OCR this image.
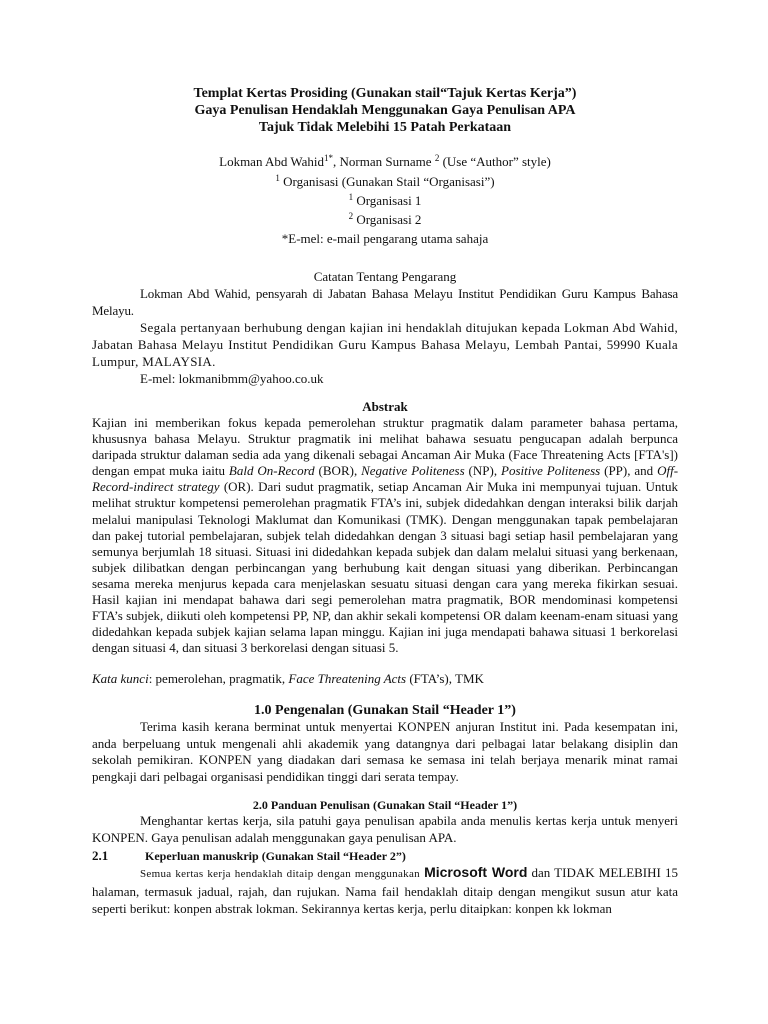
Templat Kertas Prosiding (Gunakan stail“Tajuk Kertas Kerja”)

Gaya Penulisan Hendaklah Menggunakan Gaya Penulisan APA

Tajuk Tidak Melebihi 15 Patah Perkataan

Lokman Abd Wahid$^{1*}$, Norman Surname $^2$ (Use “Author” style)

$^1$ Organisasi (Gunakan Stail “Organisasi”)

$^1$ Organisasi 1

$^2$ Organisasi 2

*E-mel: e-mail pengarang utama sahaja

Catatan Tentang Pengarang

Lokman Abd Wahid, pensyarah di Jabatan Bahasa Melayu Institut Pendidikan Guru Kampus Bahasa Melayu.

Segala pertanyaan berhubung dengan kajian ini hendaklah ditujukan kepada Lokman Abd Wahid, Jabatan Bahasa Melayu Institut Pendidikan Guru Kampus Bahasa Melayu, Lembah Pantai, 59990 Kuala Lumpur, MALAYSIA.

E-mel: lokmanibmm@yahoo.co.uk

Abstrak

Kajian ini memberikan fokus kepada pemerolehan struktur pragmatik dalam parameter bahasa pertama, khususnya bahasa Melayu. Struktur pragmatik ini melihat bahawa sesuatu pengucapan adalah berpunca daripada struktur dalaman sedia ada yang dikenali sebagai Ancaman Air Muka (Face Threatening Acts [FTA's]) dengan empat muka iaitu Bald On-Record (BOR), Negative Politeness (NP), Positive Politeness (PP), and Off-Record-indirect strategy (OR). Dari sudut pragmatik, setiap Ancaman Air Muka ini mempunyai tujuan. Untuk melihat struktur kompetensi pemerolehan pragmatik FTA’s ini, subjek didedahkan dengan interaksi bilik darjah melalui manipulasi Teknologi Maklumat dan Komunikasi (TMK). Dengan menggunakan tapak pembelajaran dan pakej tutorial pembelajaran, subjek telah didedahkan dengan 3 situasi bagi setiap hasil pembelajaran yang semunya berjumlah 18 situasi. Situasi ini didedahkan kepada subjek dan dalam melalui situasi yang berkenaan, subjek dilibatkan dengan perbincangan yang berhubung kait dengan situasi yang diberikan. Perbincangan sesama mereka menjurus kepada cara menjelaskan sesuatu situasi dengan cara yang mereka fikirkan sesuai. Hasil kajian ini mendapat bahawa dari segi pemerolehan matra pragmatik, BOR mendominasi kompetensi FTA’s subjek, diikuti oleh kompetensi PP, NP, dan akhir sekali kompetensi OR dalam keenam-enam situasi yang didedahkan kepada subjek kajian selama lapan minggu. Kajian ini juga mendapati bahawa situasi 1 berkorelasi dengan situasi 4, dan situasi 3 berkorelasi dengan situasi 5.

Kata kunci: pemerolehan, pragmatik, Face Threatening Acts (FTA’s), TMK

1.0 Pengenalan (Gunakan Stail “Header 1”)

Terima kasih kerana berminat untuk menyertai KONPEN anjuran Institut ini. Pada kesempatan ini, anda berpeluang untuk mengenali ahli akademik yang datangnya dari pelbagai latar belakang disiplin dan sekolah pemikiran. KONPEN yang diadakan dari semasa ke semasa ini telah berjaya menarik minat ramai pengkaji dari pelbagai organisasi pendidikan tinggi dari serata tempay.

2.0 Panduan Penulisan (Gunakan Stail “Header 1”)

Menghantar kertas kerja, sila patuhi gaya penulisan apabila anda menulis kertas kerja untuk menyeri KONPEN. Gaya penulisan adalah menggunakan gaya penulisan APA.

2.1	Keperluan manuskrip (Gunakan Stail “Header 2”)

Semua kertas kerja hendaklah ditaip dengan menggunakan Microsoft Word dan TIDAK MELEBIHI 15 halaman, termasuk jadual, rajah, dan rujukan. Nama fail hendaklah ditaip dengan mengikut susun atur kata seperti berikut: konpen abstrak lokman. Sekirannya kertas kerja, perlu ditaipkan: konpen kk lokman
